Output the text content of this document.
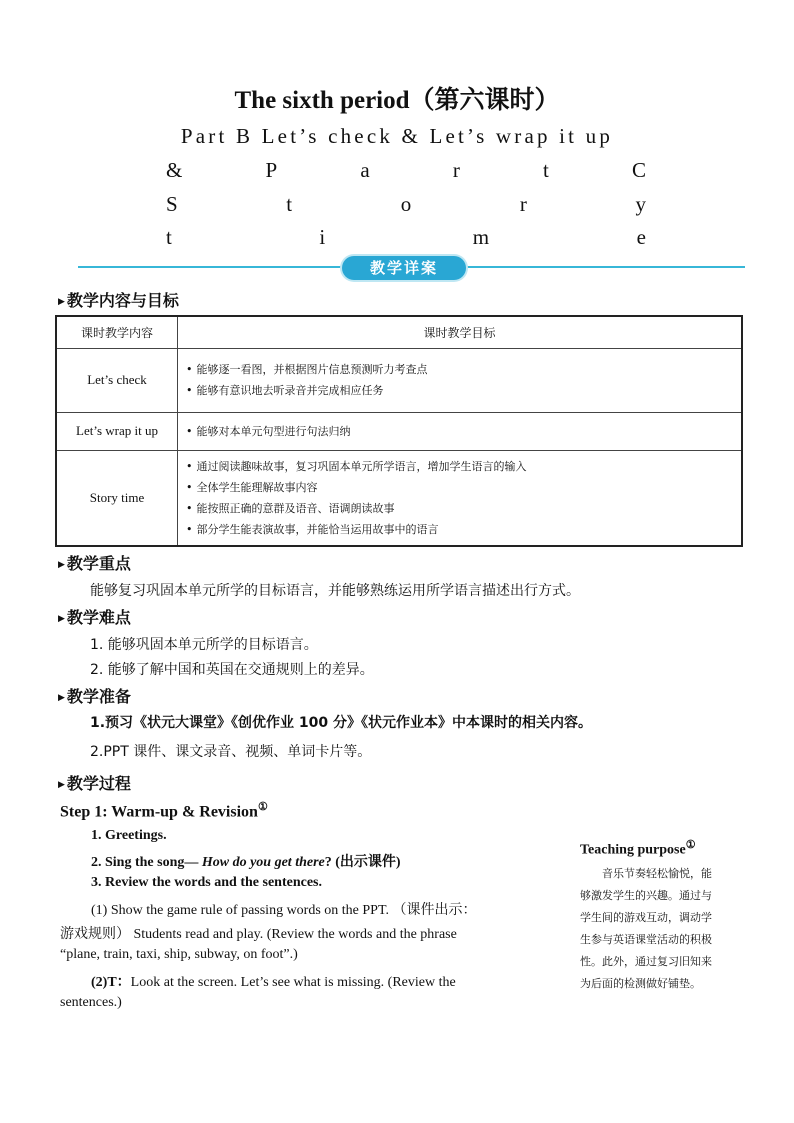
The sixth period（第六课时）
Part B Let’s check & Let’s wrap it up
&	P	a	r	t	C
S	t	o	r	y
t	i	m	e
教学详案
▶ 教学内容与目标
课时教学内容	课时教学目标
Let’s check	• 能够逐一看图，并根据图片信息预测听力考查点
• 能够有意识地去听录音并完成相应任务

Let’s wrap it up	• 能够对本单元句型进行句法归纳

Story time	• 通过阅读趣味故事，复习巩固本单元所学语言，增加学生语言的输入
• 全体学生能理解故事内容
• 能按照正确的意群及语音、语调朗读故事
• 部分学生能表演故事，并能恰当运用故事中的语言
▶ 教学重点
能够复习巩固本单元所学的目标语言，并能够熟练运用所学语言描述出行方式。
▶ 教学难点
1. 能够巩固本单元所学的目标语言。
2. 能够了解中国和英国在交通规则上的差异。
▶ 教学准备
1.预习《状元大课堂》《创优作业 100 分》《状元作业本》中本课时的相关内容。
2.PPT 课件、课文录音、视频、单词卡片等。
▶ 教学过程
Step 1: Warm-up & Revision①
1. Greetings.
2. Sing the song— How do you get there? (出示课件)
3. Review the words and the sentences.
(1) Show the game rule of passing words on the PPT. （课件出示：
游戏规则） Students read and play. (Review the words and the phrase
“plane, train, taxi, ship, subway, on foot”.)
(2)T：Look at the screen. Let’s see what is missing. (Review the
sentences.)
Teaching purpose①
音乐节奏轻松愉悦，能
够激发学生的兴趣。通过与
学生间的游戏互动，调动学
生参与英语课堂活动的积极
性。此外，通过复习旧知来
为后面的检测做好铺垫。
